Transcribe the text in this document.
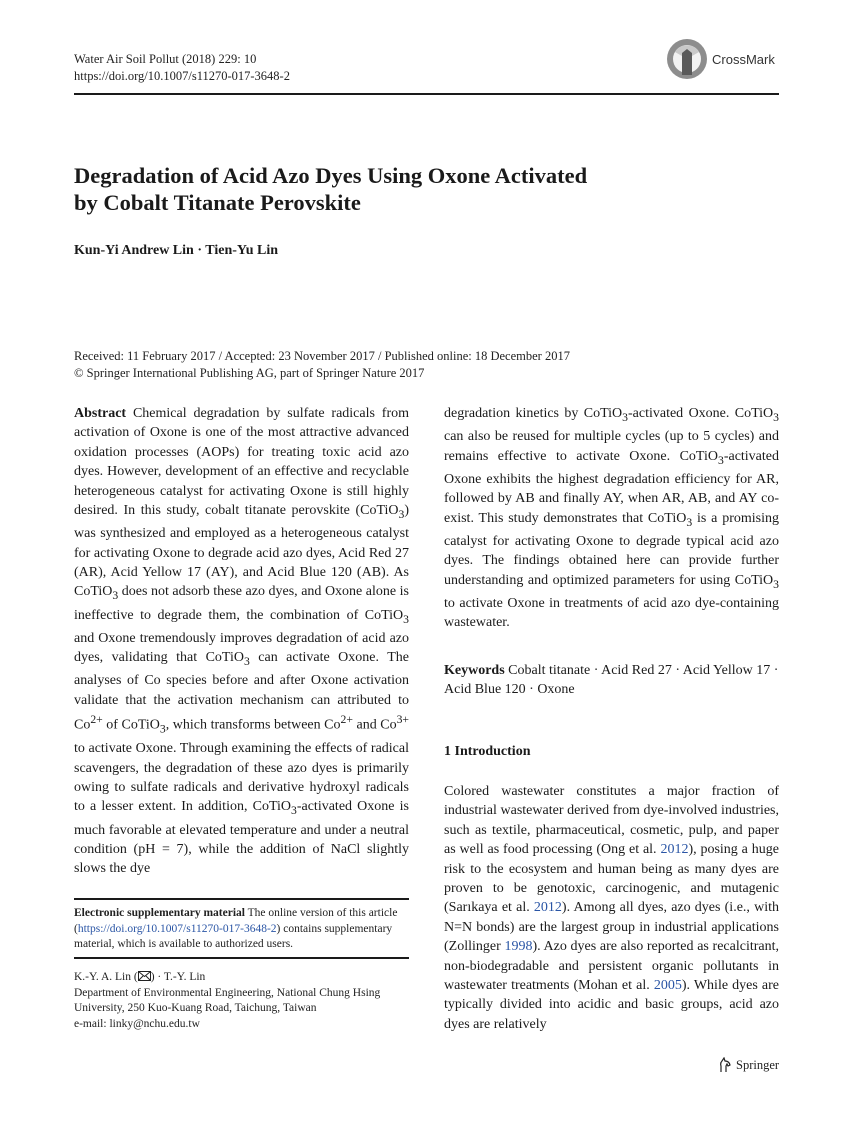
Water Air Soil Pollut (2018) 229: 10
https://doi.org/10.1007/s11270-017-3648-2
CrossMark
Degradation of Acid Azo Dyes Using Oxone Activated
by Cobalt Titanate Perovskite
Kun-Yi Andrew Lin · Tien-Yu Lin
Received: 11 February 2017 / Accepted: 23 November 2017 / Published online: 18 December 2017
© Springer International Publishing AG, part of Springer Nature 2017

Abstract Chemical degradation by sulfate radicals from activation of Oxone is one of the most attractive advanced oxidation processes (AOPs) for treating toxic acid azo dyes. However, development of an effective and recyclable heterogeneous catalyst for activating Oxone is still highly desired. In this study, cobalt titanate perovskite (CoTiO$_3$) was synthesized and employed as a heterogeneous catalyst for activating Oxone to degrade acid azo dyes, Acid Red 27 (AR), Acid Yellow 17 (AY), and Acid Blue 120 (AB). As CoTiO$_3$ does not adsorb these azo dyes, and Oxone alone is ineffective to degrade them, the combination of CoTiO$_3$ and Oxone tremendously improves degradation of acid azo dyes, validating that CoTiO$_3$ can activate Oxone. The analyses of Co species before and after Oxone activation validate that the activation mechanism can attributed to $Co^{2+}$ of CoTiO$_3$, which transforms between $Co^{2+}$ and $Co^{3+}$ to activate Oxone. Through examining the effects of radical scavengers, the degradation of these azo dyes is primarily owing to sulfate radicals and derivative hydroxyl radicals to a lesser extent. In addition, CoTiO$_3$-activated Oxone is much favorable at elevated temperature and under a neutral condition (pH = 7), while the addition of NaCl slightly slows the dye

Electronic supplementary material The online version of this article (https://doi.org/10.1007/s11270-017-3648-2) contains supplementary material, which is available to authorized users.
K.-Y. A. Lin ( ) · T.-Y. Lin
Department of Environmental Engineering, National Chung Hsing University, 250 Kuo-Kuang Road, Taichung, Taiwan
e-mail: linky@nchu.edu.tw

degradation kinetics by CoTiO$_3$-activated Oxone. CoTiO$_3$ can also be reused for multiple cycles (up to 5 cycles) and remains effective to activate Oxone. CoTiO$_3$-activated Oxone exhibits the highest degradation efficiency for AR, followed by AB and finally AY, when AR, AB, and AY co-exist. This study demonstrates that CoTiO$_3$ is a promising catalyst for activating Oxone to degrade typical acid azo dyes. The findings obtained here can provide further understanding and optimized parameters for using CoTiO$_3$ to activate Oxone in treatments of acid azo dye-containing wastewater.

Keywords Cobalt titanate · Acid Red 27 · Acid Yellow 17 · Acid Blue 120 · Oxone
1 Introduction

Colored wastewater constitutes a major fraction of industrial wastewater derived from dye-involved industries, such as textile, pharmaceutical, cosmetic, pulp, and paper as well as food processing (Ong et al. 2012), posing a huge risk to the ecosystem and human being as many dyes are proven to be genotoxic, carcinogenic, and mutagenic (Sarıkaya et al. 2012). Among all dyes, azo dyes (i.e., with N=N bonds) are the largest group in industrial applications (Zollinger 1998). Azo dyes are also reported as recalcitrant, non-biodegradable and persistent organic pollutants in wastewater treatments (Mohan et al. 2005). While dyes are typically divided into acidic and basic groups, acid azo dyes are relatively

Springer
